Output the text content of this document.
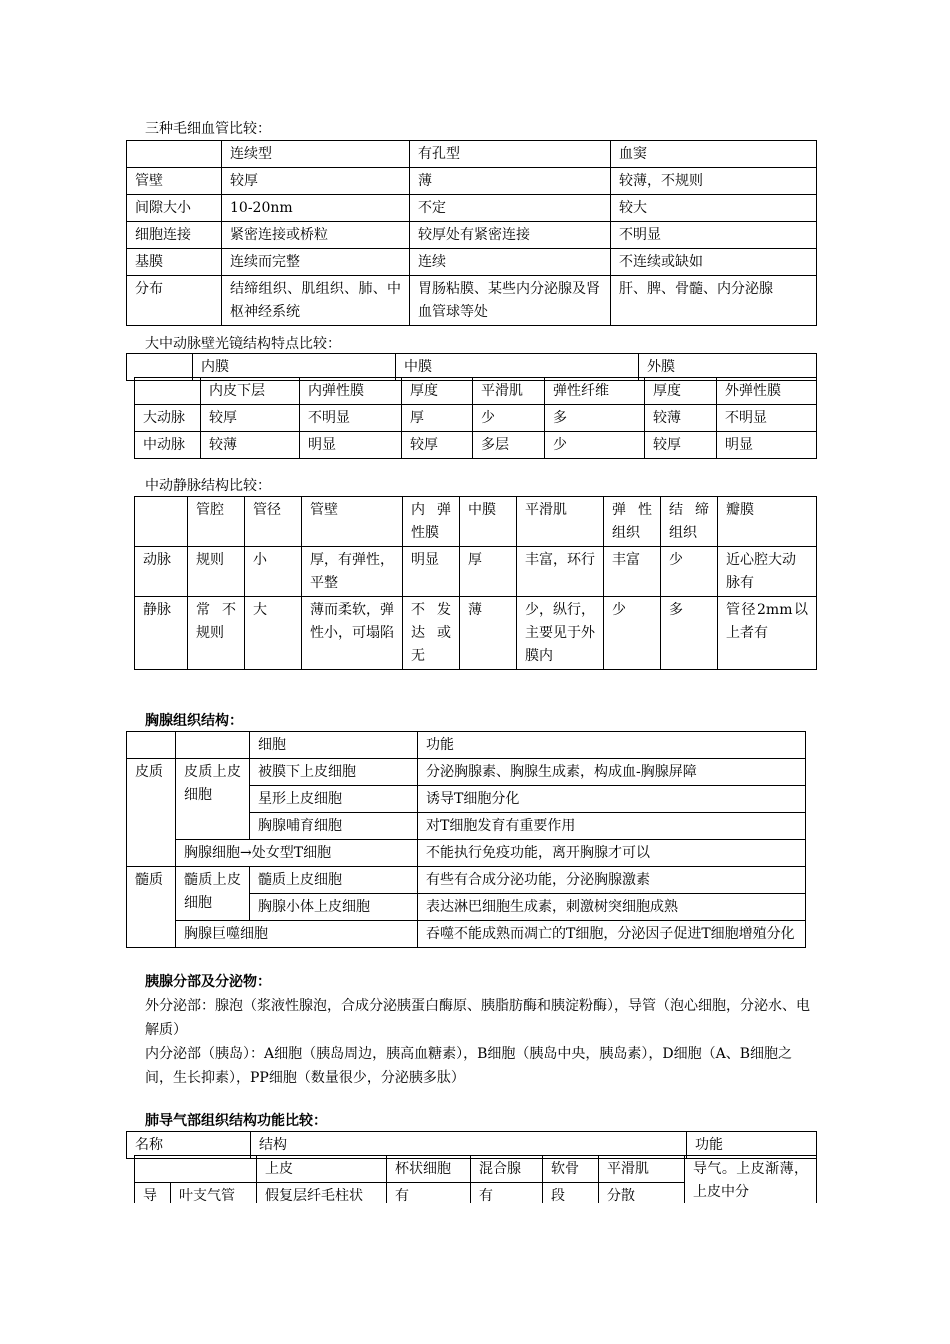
三种毛细血管比较：
	连续型	有孔型	血窦
管壁	较厚	薄	较薄，不规则
间隙大小	10-20nm	不定	较大
细胞连接	紧密连接或桥粒	较厚处有紧密连接	不明显
基膜	连续而完整	连续	不连续或缺如
分布	结缔组织、肌组织、肺、中枢神经系统	胃肠粘膜、某些内分泌腺及肾血管球等处	肝、脾、骨髓、内分泌腺
大中动脉壁光镜结构特点比较：
	内膜	中膜	外膜
	内皮下层	内弹性膜	厚度	平滑肌	弹性纤维	厚度	外弹性膜
大动脉	较厚	不明显	厚	少	多	较薄	不明显
中动脉	较薄	明显	较厚	多层	少	较厚	明显
中动静脉结构比较：
	管腔	管径	管壁	内弹性膜	中膜	平滑肌	弹性组织	结缔组织	瓣膜
动脉	规则	小	厚，有弹性，平整	明显	厚	丰富，环行	丰富	少	近心腔大动脉有
静脉	常不规则	大	薄而柔软，弹性小，可塌陷	不发达或无	薄	少，纵行，主要见于外膜内	少	多	管径2mm以上者有
胸腺组织结构：
		细胞	功能
皮质	皮质上皮细胞	被膜下上皮细胞	分泌胸腺素、胸腺生成素，构成血-胸腺屏障
		星形上皮细胞	诱导T细胞分化
		胸腺哺育细胞	对T细胞发育有重要作用
	胸腺细胞→处女型T细胞		不能执行免疫功能，离开胸腺才可以
髓质	髓质上皮细胞	髓质上皮细胞	有些有合成分泌功能，分泌胸腺激素
		胸腺小体上皮细胞	表达淋巴细胞生成素，刺激树突细胞成熟
	胸腺巨噬细胞		吞噬不能成熟而凋亡的T细胞，分泌因子促进T细胞增殖分化
胰腺分部及分泌物：
外分泌部：腺泡（浆液性腺泡，合成分泌胰蛋白酶原、胰脂肪酶和胰淀粉酶），导管（泡心细胞，分泌水、电解质）
内分泌部（胰岛）：A细胞（胰岛周边，胰高血糖素），B细胞（胰岛中央，胰岛素），D细胞（A、B细胞之间，生长抑素），PP细胞（数量很少，分泌胰多肽）
肺导气部组织结构功能比较：
名称	结构	功能
		上皮	杯状细胞	混合腺	软骨	平滑肌	导气。上皮渐薄，上皮中分
导	叶支气管	假复层纤毛柱状	有	有	段	分散	
